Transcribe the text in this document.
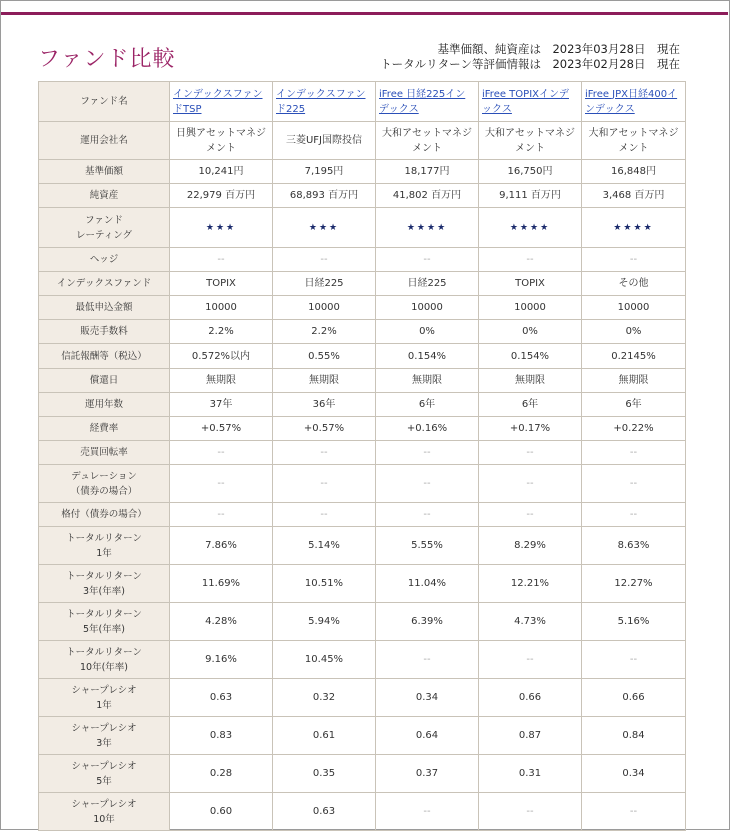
ファンド比較	基準価額、純資産は　2023年03月28日　現在
トータルリターン等評価情報は　2023年02月28日　現在
ファンド名	インデックスファンドTSP	インデックスファンド225	iFree 日経225インデックス	iFree TOPIXインデックス	iFree JPX日経400インデックス

運用会社名	日興アセットマネジメント	三菱UFJ国際投信	大和アセットマネジメント	大和アセットマネジメント	大和アセットマネジメント
基準価額	10,241円	7,195円	18,177円	16,750円	16,848円
純資産	22,979 百万円	68,893 百万円	41,802 百万円	9,111 百万円	3,468 百万円
ファンド
レーティング	★★★	★★★	★★★★	★★★★	★★★★
ヘッジ	--	--	--	--	--
インデックスファンド	TOPIX	日経225	日経225	TOPIX	その他
最低申込金額	10000	10000	10000	10000	10000
販売手数料	2.2%	2.2%	0%	0%	0%
信託報酬等（税込）	0.572%以内	0.55%	0.154%	0.154%	0.2145%
償還日	無期限	無期限	無期限	無期限	無期限
運用年数	37年	36年	6年	6年	6年
経費率	+0.57%	+0.57%	+0.16%	+0.17%	+0.22%
売買回転率	--	--	--	--	--
デュレーション
（債券の場合）	--	--	--	--	--
格付（債券の場合）	--	--	--	--	--
トータルリターン
1年	7.86%	5.14%	5.55%	8.29%	8.63%
トータルリターン
3年(年率)	11.69%	10.51%	11.04%	12.21%	12.27%
トータルリターン
5年(年率)	4.28%	5.94%	6.39%	4.73%	5.16%
トータルリターン
10年(年率)	9.16%	10.45%	--	--	--
シャープレシオ
1年	0.63	0.32	0.34	0.66	0.66
シャープレシオ
3年	0.83	0.61	0.64	0.87	0.84
シャープレシオ
5年	0.28	0.35	0.37	0.31	0.34
シャープレシオ
10年	0.60	0.63	--	--	--
